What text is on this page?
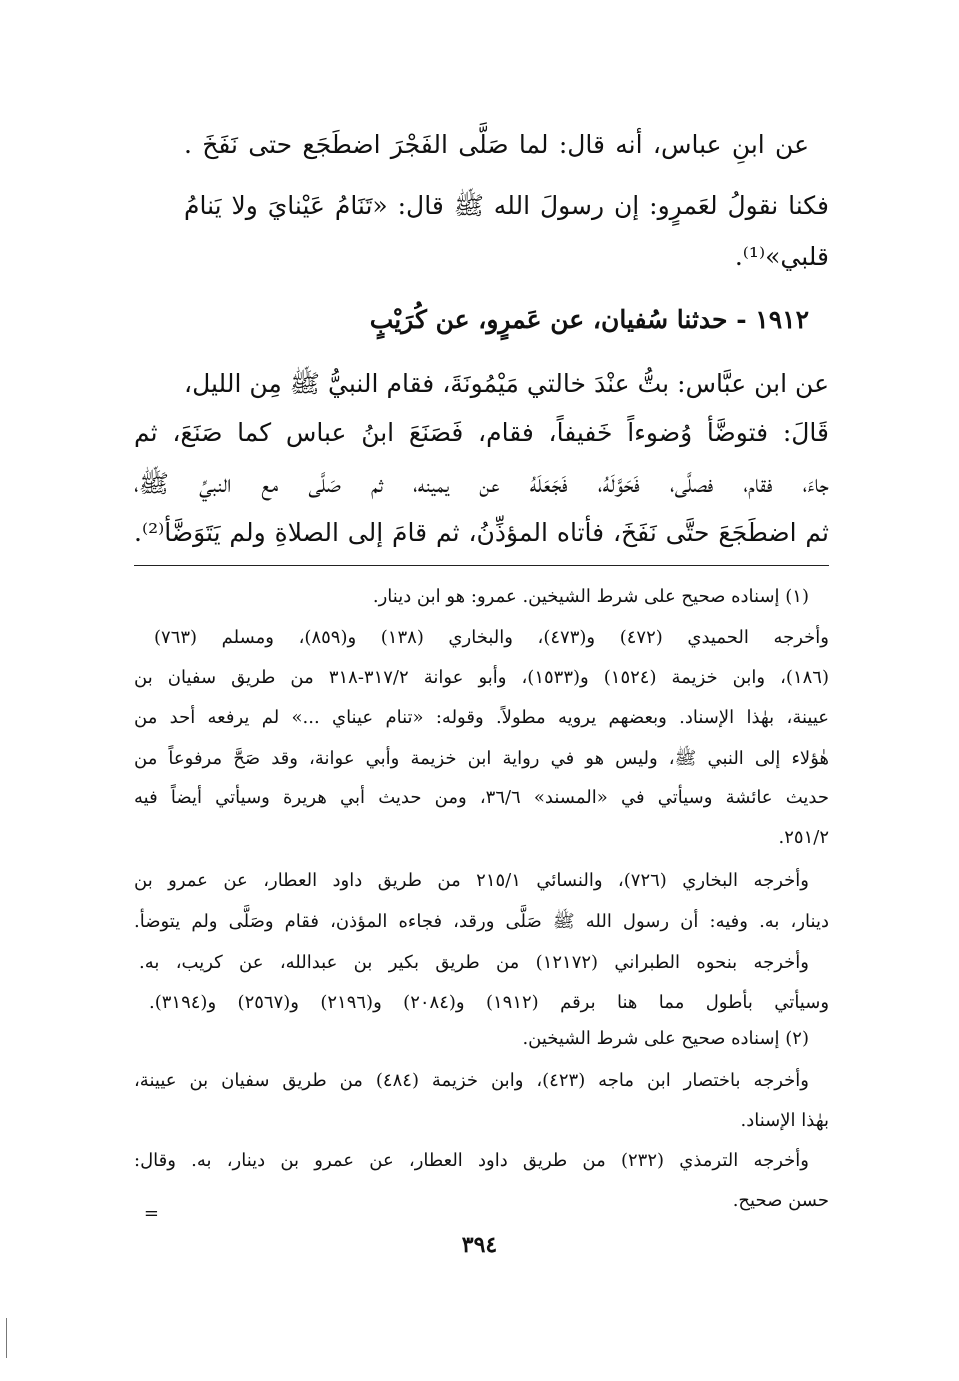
عن ابنِ عباس، أنه قال: لما صَلَّى الفَجْرَ اضطَجَع حتى نَفَخَ .

فكنا نقولُ لعَمرٍو: إن رسولَ الله ﷺ قال: «تَنَامُ عَيْنايَ ولا يَنامُ

قلبي»⁽¹⁾.

١٩١٢ - حدثنا سُفيان، عن عَمرٍو، عن كُرَيْبٍ

عن ابن عبَّاس: بتُّ عنْدَ خالتي مَيْمُونَةَ، فقام النبيُّ ﷺ مِن الليل،

قَالَ: فتوضَّأ وُضوءاً خَفيفاً، فقام، فَصَنَعَ ابنُ عباس كما صَنَعَ، ثم

جاءَ، فقام، فصلَّى، فَحَوَّلَهُ، فَجَعَلَهُ عن يمينه، ثم صَلَّى مع النبيِّ ﷺ،

ثم اضطَجَعَ حتَّى نَفَخَ، فأتاه المؤذِّنُ، ثم قامَ إلى الصلاةِ ولم يَتَوَضَّأ⁽²⁾.

(١) إسناده صحيح على شرط الشيخين. عمرو: هو ابن دينار.

وأخرجه الحميدي (٤٧٢) و(٤٧٣)، والبخاري (١٣٨) و(٨٥٩)، ومسلم (٧٦٣)

(١٨٦)، وابن خزيمة (١٥٢٤) و(١٥٣٣)، وأبو عوانة ٣١٧/٢-٣١٨ من طريق سفيان بن

عيينة، بهٰذا الإسناد. وبعضهم يرويه مطولاً. وقوله: «تنام عيناي ...» لم يرفعه أحد من

هٰؤلاء إلى النبي ﷺ، وليس هو في رواية ابن خزيمة وأبي عوانة، وقد صَحَّ مرفوعاً من

حديث عائشة وسيأتي في «المسند» ٣٦/٦، ومن حديث أبي هريرة وسيأتي أيضاً فيه

٢٥١/٢.

وأخرجه البخاري (٧٢٦)، والنسائي ٢١٥/١ من طريق داود العطار، عن عمرو بن

دينار، به. وفيه: أن رسول الله ﷺ صَلَّى ورقد، فجاءه المؤذن، فقام وصَلَّى ولم يتوضأ.

وأخرجه بنحوه الطبراني (١٢١٧٢) من طريق بكير بن عبدالله، عن كريب، به.

وسيأتي بأطول مما هنا برقم (١٩١٢) و(٢٠٨٤) و(٢١٩٦) و(٢٥٦٧) و(٣١٩٤).

(٢) إسناده صحيح على شرط الشيخين.

وأخرجه باختصار ابن ماجه (٤٢٣)، وابن خزيمة (٤٨٤) من طريق سفيان بن عيينة،

بهٰذا الإسناد.

وأخرجه الترمذي (٢٣٢) من طريق داود العطار، عن عمرو بن دينار، به. وقال:

حسن صحيح.

=
٣٩٤
